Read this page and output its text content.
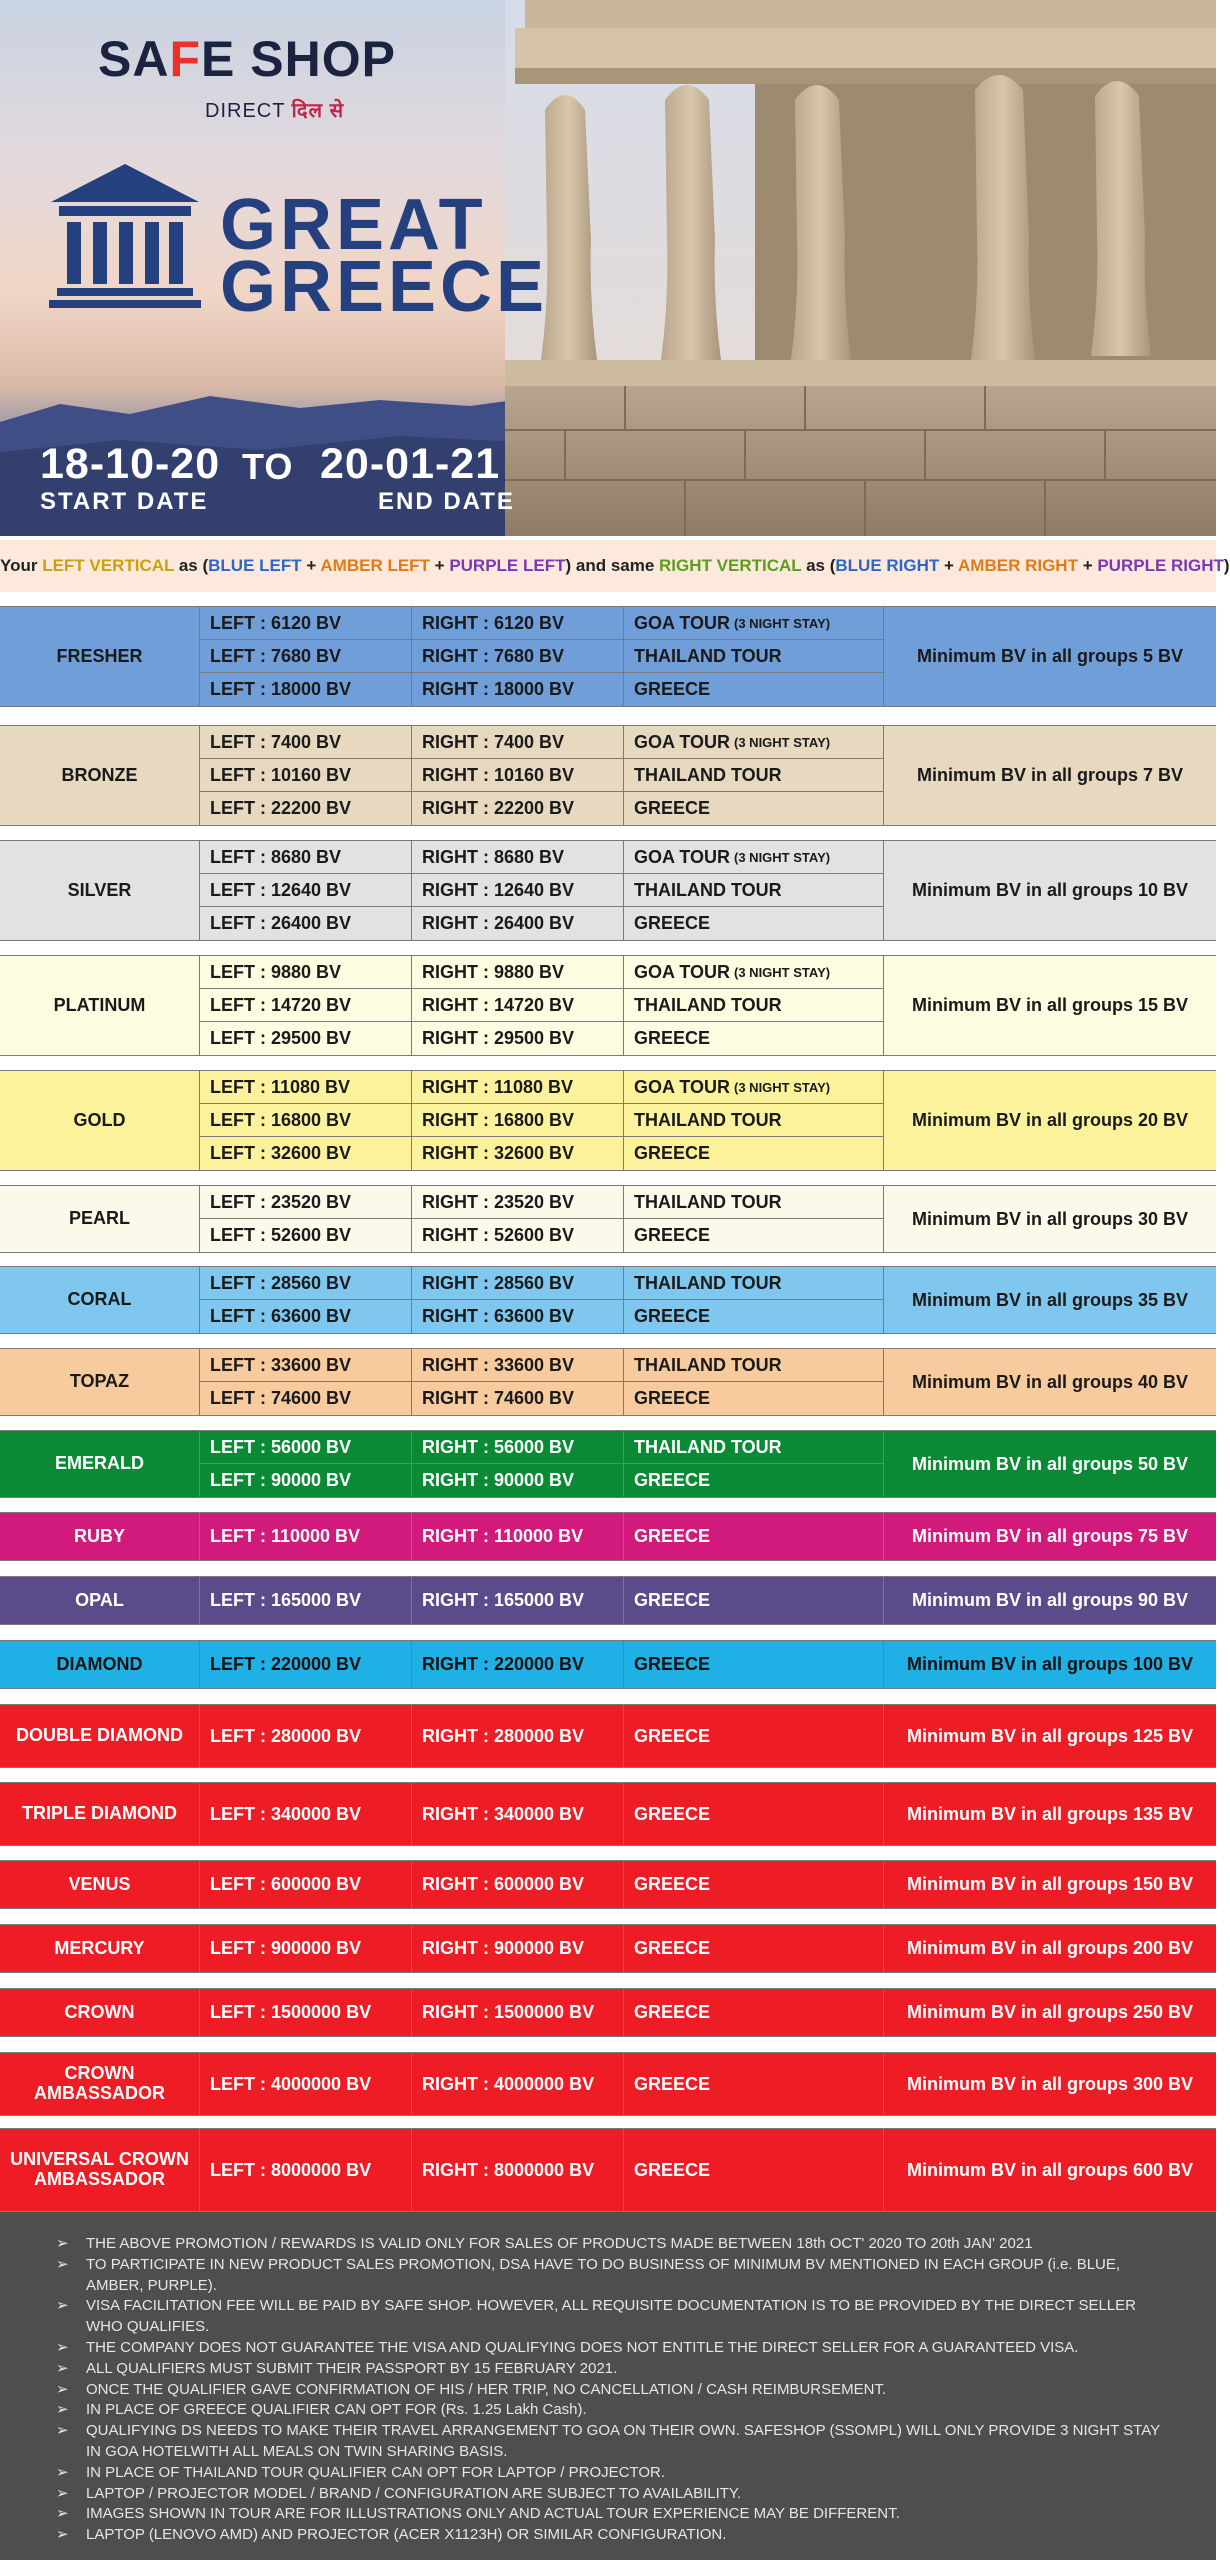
SAFE SHOP
DIRECT दिल से
GREAT
GREECE
18-10-20 TO 20-01-21
START DATE	END DATE
Your LEFT VERTICAL as (BLUE LEFT + AMBER LEFT + PURPLE LEFT) and same RIGHT VERTICAL as (BLUE RIGHT + AMBER RIGHT + PURPLE RIGHT)
FRESHER
LEFT : 6120 BV	RIGHT : 6120 BV	GOA TOUR (3 NIGHT STAY)
LEFT : 7680 BV	RIGHT : 7680 BV	THAILAND TOUR
LEFT : 18000 BV	RIGHT : 18000 BV	GREECE
Minimum BV in all groups 5 BV
BRONZE
LEFT : 7400 BV	RIGHT : 7400 BV	GOA TOUR (3 NIGHT STAY)
LEFT : 10160 BV	RIGHT : 10160 BV	THAILAND TOUR
LEFT : 22200 BV	RIGHT : 22200 BV	GREECE
Minimum BV in all groups 7 BV
SILVER
LEFT : 8680 BV	RIGHT : 8680 BV	GOA TOUR (3 NIGHT STAY)
LEFT : 12640 BV	RIGHT : 12640 BV	THAILAND TOUR
LEFT : 26400 BV	RIGHT : 26400 BV	GREECE
Minimum BV in all groups 10 BV
PLATINUM
LEFT : 9880 BV	RIGHT : 9880 BV	GOA TOUR (3 NIGHT STAY)
LEFT : 14720 BV	RIGHT : 14720 BV	THAILAND TOUR
LEFT : 29500 BV	RIGHT : 29500 BV	GREECE
Minimum BV in all groups 15 BV
GOLD
LEFT : 11080 BV	RIGHT : 11080 BV	GOA TOUR (3 NIGHT STAY)
LEFT : 16800 BV	RIGHT : 16800 BV	THAILAND TOUR
LEFT : 32600 BV	RIGHT : 32600 BV	GREECE
Minimum BV in all groups 20 BV
PEARL
LEFT : 23520 BV	RIGHT : 23520 BV	THAILAND TOUR
LEFT : 52600 BV	RIGHT : 52600 BV	GREECE
Minimum BV in all groups 30 BV
CORAL
LEFT : 28560 BV	RIGHT : 28560 BV	THAILAND TOUR
LEFT : 63600 BV	RIGHT : 63600 BV	GREECE
Minimum BV in all groups 35 BV
TOPAZ
LEFT : 33600 BV	RIGHT : 33600 BV	THAILAND TOUR
LEFT : 74600 BV	RIGHT : 74600 BV	GREECE
Minimum BV in all groups 40 BV
EMERALD
LEFT : 56000 BV	RIGHT : 56000 BV	THAILAND TOUR
LEFT : 90000 BV	RIGHT : 90000 BV	GREECE
Minimum BV in all groups 50 BV
RUBY	LEFT : 110000 BV	RIGHT : 110000 BV	GREECE	Minimum BV in all groups 75 BV
OPAL	LEFT : 165000 BV	RIGHT : 165000 BV	GREECE	Minimum BV in all groups 90 BV
DIAMOND	LEFT : 220000 BV	RIGHT : 220000 BV	GREECE	Minimum BV in all groups 100 BV
DOUBLE DIAMOND	LEFT : 280000 BV	RIGHT : 280000 BV	GREECE	Minimum BV in all groups 125 BV
TRIPLE DIAMOND	LEFT : 340000 BV	RIGHT : 340000 BV	GREECE	Minimum BV in all groups 135 BV
VENUS	LEFT : 600000 BV	RIGHT : 600000 BV	GREECE	Minimum BV in all groups 150 BV
MERCURY	LEFT : 900000 BV	RIGHT : 900000 BV	GREECE	Minimum BV in all groups 200 BV
CROWN	LEFT : 1500000 BV	RIGHT : 1500000 BV	GREECE	Minimum BV in all groups 250 BV
CROWN AMBASSADOR	LEFT : 4000000 BV	RIGHT : 4000000 BV	GREECE	Minimum BV in all groups 300 BV
UNIVERSAL CROWN AMBASSADOR	LEFT : 8000000 BV	RIGHT : 8000000 BV	GREECE	Minimum BV in all groups 600 BV
➢ THE ABOVE PROMOTION / REWARDS IS VALID ONLY FOR SALES OF PRODUCTS MADE BETWEEN 18th OCT' 2020 TO 20th JAN' 2021
➢ TO PARTICIPATE IN NEW PRODUCT SALES PROMOTION, DSA HAVE TO DO BUSINESS OF MINIMUM BV MENTIONED IN EACH GROUP (i.e. BLUE, AMBER, PURPLE).
➢ VISA FACILITATION FEE WILL BE PAID BY SAFE SHOP. HOWEVER, ALL REQUISITE DOCUMENTATION IS TO BE PROVIDED BY THE DIRECT SELLER WHO QUALIFIES.
➢ THE COMPANY DOES NOT GUARANTEE THE VISA AND QUALIFYING DOES NOT ENTITLE THE DIRECT SELLER FOR A GUARANTEED VISA.
➢ ALL QUALIFIERS MUST SUBMIT THEIR PASSPORT BY 15 FEBRUARY 2021.
➢ ONCE THE QUALIFIER GAVE CONFIRMATION OF HIS / HER TRIP, NO CANCELLATION / CASH REIMBURSEMENT.
➢ IN PLACE OF GREECE QUALIFIER CAN OPT FOR (Rs. 1.25 Lakh Cash).
➢ QUALIFYING DS NEEDS TO MAKE THEIR TRAVEL ARRANGEMENT TO GOA ON THEIR OWN. SAFESHOP (SSOMPL) WILL ONLY PROVIDE 3 NIGHT STAY IN GOA HOTELWITH ALL MEALS ON TWIN SHARING BASIS.
➢ IN PLACE OF THAILAND TOUR QUALIFIER CAN OPT FOR LAPTOP / PROJECTOR.
➢ LAPTOP / PROJECTOR MODEL / BRAND / CONFIGURATION ARE SUBJECT TO AVAILABILITY.
➢ IMAGES SHOWN IN TOUR ARE FOR ILLUSTRATIONS ONLY AND ACTUAL TOUR EXPERIENCE MAY BE DIFFERENT.
➢ LAPTOP (LENOVO AMD) AND PROJECTOR (ACER X1123H) OR SIMILAR CONFIGURATION.
